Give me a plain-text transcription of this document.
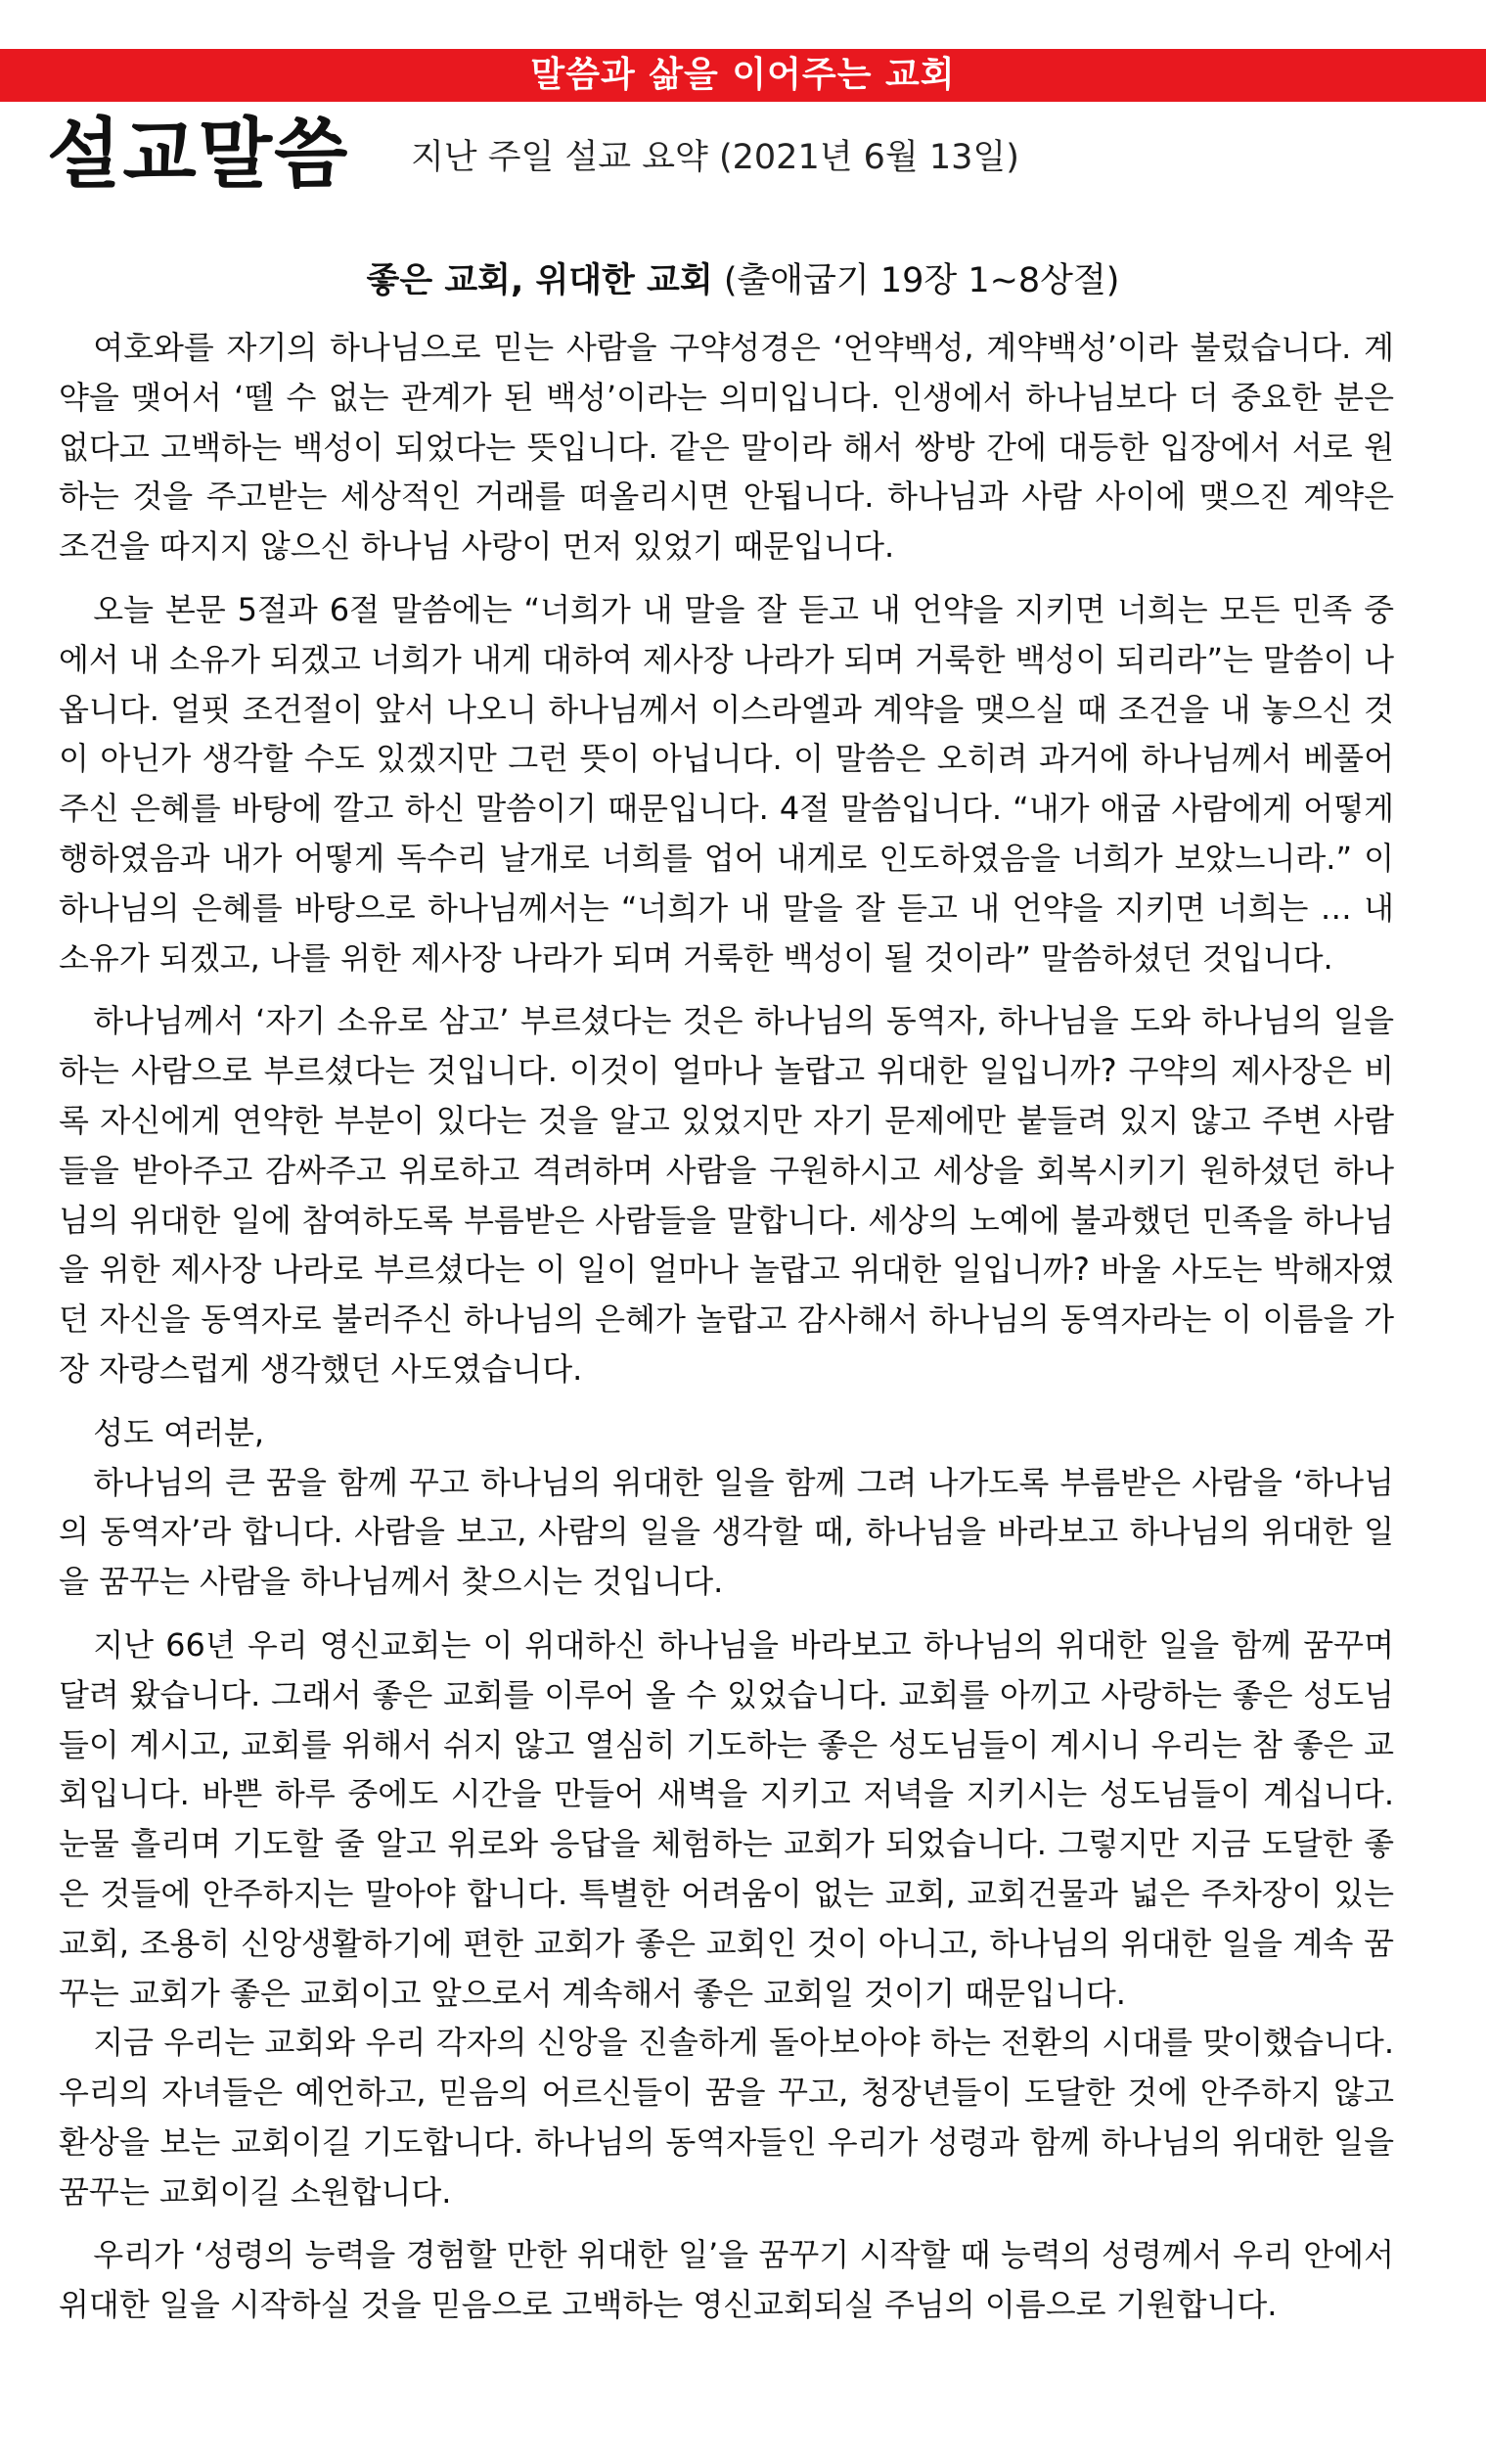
말씀과 삶을 이어주는 교회
설교말씀 지난 주일 설교 요약 (2021년 6월 13일)
좋은 교회, 위대한 교회 (출애굽기 19장 1~8상절)

여호와를 자기의 하나님으로 믿는 사람을 구약성경은 ‘언약백성, 계약백성’이라 불렀습니다. 계약을 맺어서 ‘뗄 수 없는 관계가 된 백성’이라는 의미입니다. 인생에서 하나님보다 더 중요한 분은 없다고 고백하는 백성이 되었다는 뜻입니다. 같은 말이라 해서 쌍방 간에 대등한 입장에서 서로 원하는 것을 주고받는 세상적인 거래를 떠올리시면 안됩니다. 하나님과 사람 사이에 맺으진 계약은 조건을 따지지 않으신 하나님 사랑이 먼저 있었기 때문입니다.

오늘 본문 5절과 6절 말씀에는 “너희가 내 말을 잘 듣고 내 언약을 지키면 너희는 모든 민족 중에서 내 소유가 되겠고 너희가 내게 대하여 제사장 나라가 되며 거룩한 백성이 되리라”는 말씀이 나옵니다. 얼핏 조건절이 앞서 나오니 하나님께서 이스라엘과 계약을 맺으실 때 조건을 내 놓으신 것이 아닌가 생각할 수도 있겠지만 그런 뜻이 아닙니다. 이 말씀은 오히려 과거에 하나님께서 베풀어 주신 은혜를 바탕에 깔고 하신 말씀이기 때문입니다. 4절 말씀입니다. “내가 애굽 사람에게 어떻게 행하였음과 내가 어떻게 독수리 날개로 너희를 업어 내게로 인도하였음을 너희가 보았느니라.” 이 하나님의 은혜를 바탕으로 하나님께서는 “너희가 내 말을 잘 듣고 내 언약을 지키면 너희는 … 내 소유가 되겠고, 나를 위한 제사장 나라가 되며 거룩한 백성이 될 것이라” 말씀하셨던 것입니다.

하나님께서 ‘자기 소유로 삼고’ 부르셨다는 것은 하나님의 동역자, 하나님을 도와 하나님의 일을 하는 사람으로 부르셨다는 것입니다. 이것이 얼마나 놀랍고 위대한 일입니까? 구약의 제사장은 비록 자신에게 연약한 부분이 있다는 것을 알고 있었지만 자기 문제에만 붙들려 있지 않고 주변 사람들을 받아주고 감싸주고 위로하고 격려하며 사람을 구원하시고 세상을 회복시키기 원하셨던 하나님의 위대한 일에 참여하도록 부름받은 사람들을 말합니다. 세상의 노예에 불과했던 민족을 하나님을 위한 제사장 나라로 부르셨다는 이 일이 얼마나 놀랍고 위대한 일입니까? 바울 사도는 박해자였던 자신을 동역자로 불러주신 하나님의 은혜가 놀랍고 감사해서 하나님의 동역자라는 이 이름을 가장 자랑스럽게 생각했던 사도였습니다.

성도 여러분,

하나님의 큰 꿈을 함께 꾸고 하나님의 위대한 일을 함께 그려 나가도록 부름받은 사람을 ‘하나님의 동역자’라 합니다. 사람을 보고, 사람의 일을 생각할 때, 하나님을 바라보고 하나님의 위대한 일을 꿈꾸는 사람을 하나님께서 찾으시는 것입니다.

지난 66년 우리 영신교회는 이 위대하신 하나님을 바라보고 하나님의 위대한 일을 함께 꿈꾸며 달려 왔습니다. 그래서 좋은 교회를 이루어 올 수 있었습니다. 교회를 아끼고 사랑하는 좋은 성도님들이 계시고, 교회를 위해서 쉬지 않고 열심히 기도하는 좋은 성도님들이 계시니 우리는 참 좋은 교회입니다. 바쁜 하루 중에도 시간을 만들어 새벽을 지키고 저녁을 지키시는 성도님들이 계십니다. 눈물 흘리며 기도할 줄 알고 위로와 응답을 체험하는 교회가 되었습니다. 그렇지만 지금 도달한 좋은 것들에 안주하지는 말아야 합니다. 특별한 어려움이 없는 교회, 교회건물과 넓은 주차장이 있는 교회, 조용히 신앙생활하기에 편한 교회가 좋은 교회인 것이 아니고, 하나님의 위대한 일을 계속 꿈꾸는 교회가 좋은 교회이고 앞으로서 계속해서 좋은 교회일 것이기 때문입니다.

지금 우리는 교회와 우리 각자의 신앙을 진솔하게 돌아보아야 하는 전환의 시대를 맞이했습니다. 우리의 자녀들은 예언하고, 믿음의 어르신들이 꿈을 꾸고, 청장년들이 도달한 것에 안주하지 않고 환상을 보는 교회이길 기도합니다. 하나님의 동역자들인 우리가 성령과 함께 하나님의 위대한 일을 꿈꾸는 교회이길 소원합니다.

우리가 ‘성령의 능력을 경험할 만한 위대한 일’을 꿈꾸기 시작할 때 능력의 성령께서 우리 안에서 위대한 일을 시작하실 것을 믿음으로 고백하는 영신교회되실 주님의 이름으로 기원합니다.
